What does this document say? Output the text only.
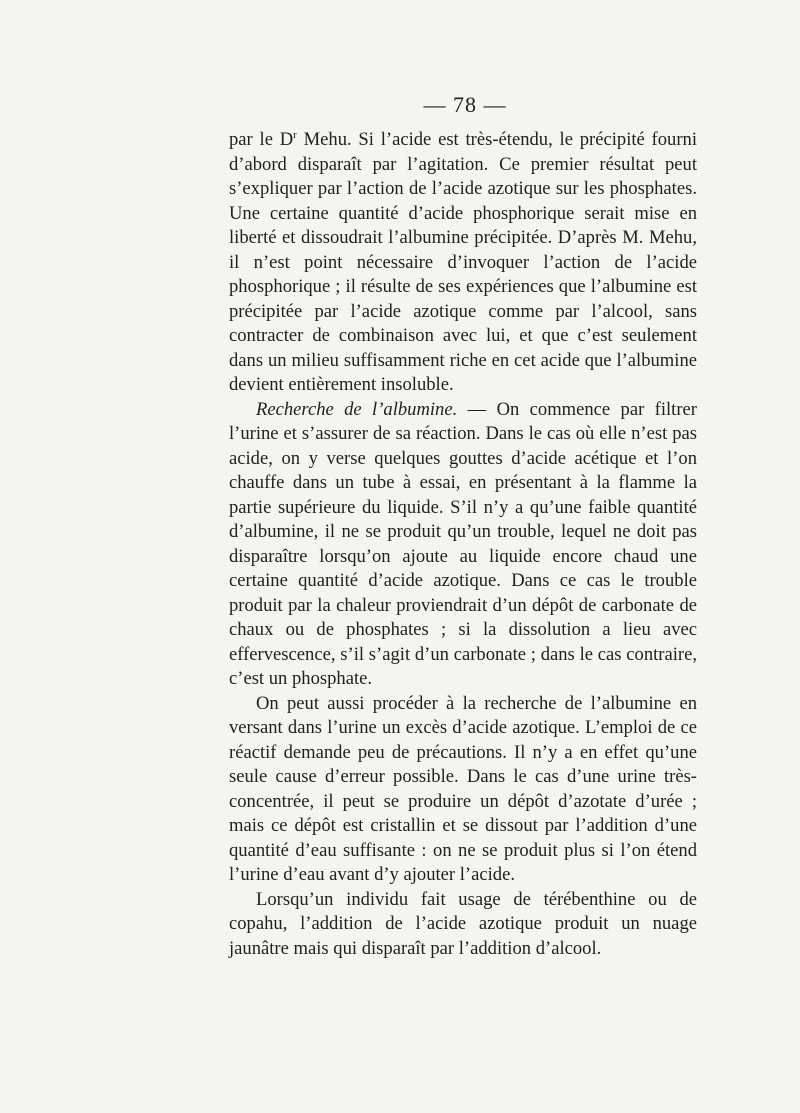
— 78 —

par le $D^r$ Mehu. Si l’acide est très-étendu, le précipité fourni d’abord disparaît par l’agitation. Ce premier résultat peut s’expliquer par l’action de l’acide azotique sur les phosphates. Une certaine quantité d’acide phosphorique serait mise en liberté et dissoudrait l’albumine précipitée. D’après M. Mehu, il n’est point nécessaire d’invoquer l’action de l’acide phosphorique ; il résulte de ses expériences que l’albumine est précipitée par l’acide azotique comme par l’alcool, sans contracter de combinaison avec lui, et que c’est seulement dans un milieu suffisamment riche en cet acide que l’albumine devient entièrement insoluble.

Recherche de l’albumine. — On commence par filtrer l’urine et s’assurer de sa réaction. Dans le cas où elle n’est pas acide, on y verse quelques gouttes d’acide acétique et l’on chauffe dans un tube à essai, en présentant à la flamme la partie supérieure du liquide. S’il n’y a qu’une faible quantité d’albumine, il ne se produit qu’un trouble, lequel ne doit pas disparaître lorsqu’on ajoute au liquide encore chaud une certaine quantité d’acide azotique. Dans ce cas le trouble produit par la chaleur proviendrait d’un dépôt de carbonate de chaux ou de phosphates ; si la dissolution a lieu avec effervescence, s’il s’agit d’un carbonate ; dans le cas contraire, c’est un phosphate.

On peut aussi procéder à la recherche de l’albumine en versant dans l’urine un excès d’acide azotique. L’emploi de ce réactif demande peu de précautions. Il n’y a en effet qu’une seule cause d’erreur possible. Dans le cas d’une urine très-concentrée, il peut se produire un dépôt d’azotate d’urée ; mais ce dépôt est cristallin et se dissout par l’addition d’une quantité d’eau suffisante : on ne se produit plus si l’on étend l’urine d’eau avant d’y ajouter l’acide.

Lorsqu’un individu fait usage de térébenthine ou de copahu, l’addition de l’acide azotique produit un nuage jaunâtre mais qui disparaît par l’addition d’alcool.
